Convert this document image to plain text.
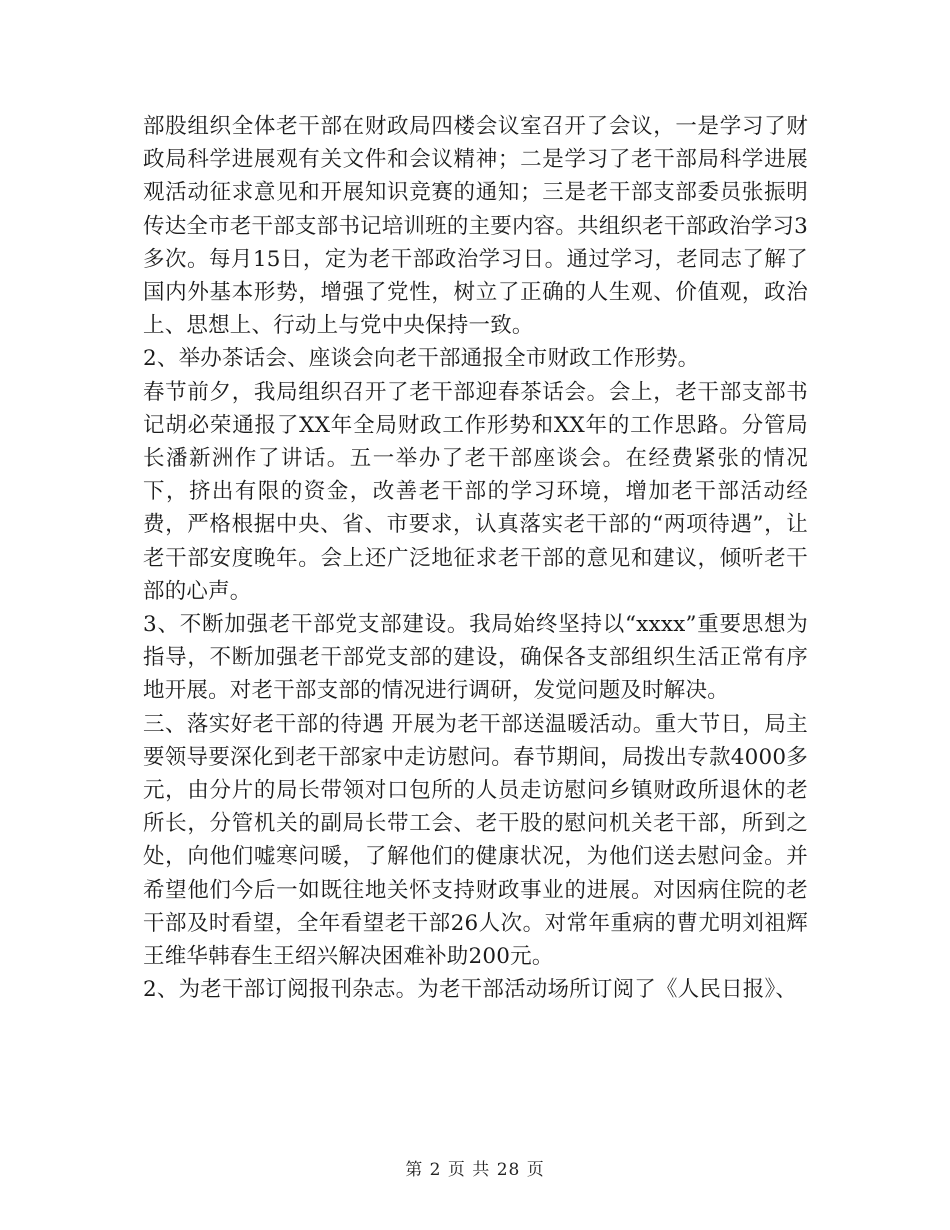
部股组织全体老干部在财政局四楼会议室召开了会议，一是学习了财政局科学进展观有关文件和会议精神；二是学习了老干部局科学进展观活动征求意见和开展知识竞赛的通知；三是老干部支部委员张振明传达全市老干部支部书记培训班的主要内容。共组织老干部政治学习3多次。每月15日，定为老干部政治学习日。通过学习，老同志了解了国内外基本形势，增强了党性，树立了正确的人生观、价值观，政治上、思想上、行动上与党中央保持一致。

2、举办茶话会、座谈会向老干部通报全市财政工作形势。

春节前夕，我局组织召开了老干部迎春茶话会。会上，老干部支部书记胡必荣通报了XX年全局财政工作形势和XX年的工作思路。分管局长潘新洲作了讲话。五一举办了老干部座谈会。在经费紧张的情况下，挤出有限的资金，改善老干部的学习环境，增加老干部活动经费，严格根据中央、省、市要求，认真落实老干部的“两项待遇”，让老干部安度晚年。会上还广泛地征求老干部的意见和建议，倾听老干部的心声。

3、不断加强老干部党支部建设。我局始终坚持以“xxxx”重要思想为指导，不断加强老干部党支部的建设，确保各支部组织生活正常有序地开展。对老干部支部的情况进行调研，发觉问题及时解决。

三、落实好老干部的待遇 开展为老干部送温暖活动。重大节日，局主要领导要深化到老干部家中走访慰问。春节期间，局拨出专款4000多元，由分片的局长带领对口包所的人员走访慰问乡镇财政所退休的老所长，分管机关的副局长带工会、老干股的慰问机关老干部，所到之处，向他们嘘寒问暖，了解他们的健康状况，为他们送去慰问金。并希望他们今后一如既往地关怀支持财政事业的进展。对因病住院的老干部及时看望，全年看望老干部26人次。对常年重病的曹尤明刘祖辉王维华韩春生王绍兴解决困难补助200元。

2、为老干部订阅报刊杂志。为老干部活动场所订阅了《人民日报》、

第 2 页 共 28 页
